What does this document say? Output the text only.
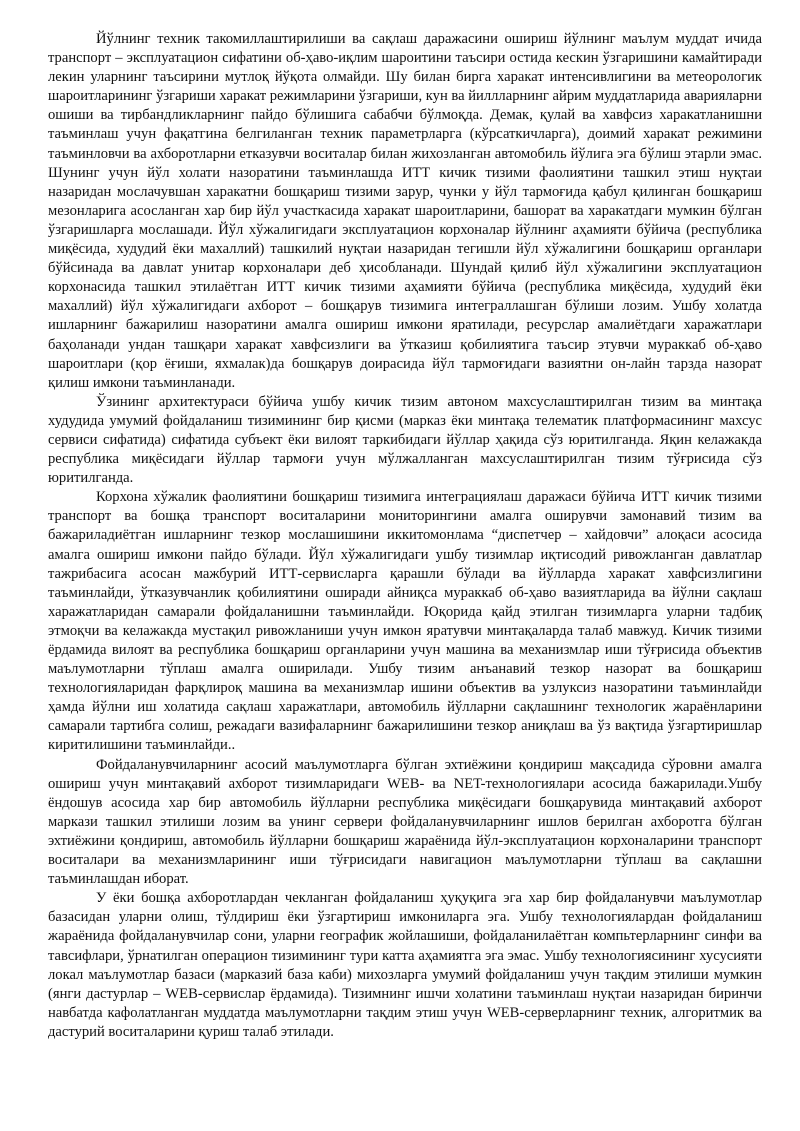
Йўлнинг техник такомиллаштирилиши ва сақлаш даражасини ошириш йўлнинг маълум муддат ичида транспорт – эксплуатацион сифатини об-ҳаво-иқлим шароитини таъсири остида кескин ўзгаришини камайтиради лекин уларнинг таъсирини мутлоқ йўқота олмайди. Шу билан бирга харакат интенсивлигини ва метеорологик шароитларининг ўзгариши харакат режимларини ўзгариши, кун ва йиллларнинг айрим муддатларида аварияларни ошиши ва тирбандликларнинг пайдо бўлишига сабабчи бўлмоқда. Демак, қулай ва хавфсиз харакатланишни таъминлаш учун фақатгина белгиланган техник параметрларга (кўрсаткичларга), доимий харакат режимини таъминловчи ва ахборотларни етказувчи воситалар билан жихозланган автомобиль йўлига эга бўлиш этарли эмас. Шунинг учун йўл холати назоратини таъминлашда ИТТ кичик тизими фаолиятини ташкил этиш нуқтаи назаридан мослачувшан харакатни бошқариш тизими зарур, чунки у йўл тармоғида қабул қилинган бошқариш мезонларига асосланган хар бир йўл участкасида харакат шароитларини, башорат ва харакатдаги мумкин бўлган ўзгаришларга мослашади. Йўл хўжалигидаги эксплуатацион корхоналар йўлнинг аҳамияти бўйича (республика миқёсида, худудий ёки махаллий) ташкилий нуқтаи назаридан тегишли йўл хўжалигини бошқариш органлари бўйсинада ва давлат унитар корхоналари деб ҳисобланади. Шундай қилиб йўл хўжалигини эксплуатацион корхонасида ташкил этилаётган ИТТ кичик тизими аҳамияти бўйича (республика миқёсида, худудий ёки махаллий) йўл хўжалигидаги ахборот – бошқарув тизимига интеграллашган бўлиши лозим. Ушбу холатда ишларнинг бажарилиш назоратини амалга ошириш имкони яратилади, ресурслар амалиётдаги харажатлари баҳоланади ундан ташқари харакат хавфсизлиги ва ўтказиш қобилиятига таъсир этувчи мураккаб об-ҳаво шароитлари (қор ёғиши, яхмалак)да бошқарув доирасида йўл тармоғидаги вазиятни он-лайн тарзда назорат қилиш имкони таъминланади.

Ўзининг архитектураси бўйича ушбу кичик тизим автоном махсуслаштирилган тизим ва минтақа худудида умумий фойдаланиш тизимининг бир қисми (марказ ёки минтақа телематик платформасининг махсус сервиси сифатида) сифатида субъект ёки вилоят таркибидаги йўллар ҳақида сўз юритилганда. Яқин келажакда республика миқёсидаги йўллар тармоғи учун мўлжалланган махсуслаштирилган тизим тўғрисида сўз юритилганда.

Корхона хўжалик фаолиятини бошқариш тизимига интеграциялаш даражаси бўйича ИТТ кичик тизими транспорт ва бошқа транспорт воситаларини мониторингини амалга оширувчи замонавий тизим ва бажариладиётган ишларнинг тезкор мослашишини иккитомонлама “диспетчер – хайдовчи” алоқаси асосида амалга ошириш имкони пайдо бўлади. Йўл хўжалигидаги ушбу тизимлар иқтисодий ривожланган давлатлар тажрибасига асосан мажбурий ИТТ-сервисларга қарашли бўлади ва йўлларда харакат хавфсизлигини таъминлайди, ўтказувчанлик қобилиятини оширади айниқса мураккаб об-ҳаво вазиятларида ва йўлни сақлаш харажатларидан самарали фойдаланишни таъминлайди. Юқорида қайд этилган тизимларга уларни тадбиқ этмоқчи ва келажакда мустақил ривожланиши учун имкон яратувчи минтақаларда талаб мавжуд. Кичик тизими ёрдамида вилоят ва республика бошқариш органларини учун машина ва механизмлар иши тўғрисида объектив маълумотларни тўплаш амалга оширилади. Ушбу тизим анъанавий тезкор назорат ва бошқариш технологияларидан фарқлироқ машина ва механизмлар ишини объектив ва узлуксиз назоратини таъминлайди ҳамда йўлни иш холатида сақлаш харажатлари, автомобиль йўлларни сақлашнинг технологик жараёнларини самарали тартибга солиш, режадаги вазифаларнинг бажарилишини тезкор аниқлаш ва ўз вақтида ўзгартиришлар киритилишини таъминлайди..

Фойдаланувчиларнинг асосий маълумотларга бўлган эхтиёжини қондириш мақсадида сўровни амалга ошириш учун минтақавий ахборот тизимларидаги WEB- ва NET-технологиялари асосида бажарилади.Ушбу ёндошув асосида хар бир автомобиль йўлларни республика миқёсидаги бошқарувида минтақавий ахборот маркази ташкил этилиши лозим ва унинг сервери фойдаланувчиларнинг ишлов берилган ахборотга бўлган эхтиёжини қондириш, автомобиль йўлларни бошқариш жараёнида йўл-эксплуатацион корхоналарини транспорт воситалари ва механизмларининг иши тўғрисидаги навигацион маълумотларни тўплаш ва сақлашни таъминлашдан иборат.

У ёки бошқа ахборотлардан чекланган фойдаланиш ҳуқуқига эга хар бир фойдаланувчи маълумотлар базасидан уларни олиш, тўлдириш ёки ўзгартириш имкониларга эга. Ушбу технологиялардан фойдаланиш жараёнида фойдаланувчилар сони, уларни географик жойлашиши, фойдаланилаётган компьтерларнинг синфи ва тавсифлари, ўрнатилган операцион тизимининг тури катта аҳамиятга эга эмас. Ушбу технологиясининг хусусияти локал маълумотлар базаси (марказий база каби) михозларга умумий фойдаланиш учун тақдим этилиши мумкин (янги дастурлар – WEB-сервислар ёрдамида). Тизимнинг ишчи холатини таъминлаш нуқтаи назаридан биринчи навбатда кафолатланган муддатда маълумотларни тақдим этиш учун WEB-серверларнинг техник, алгоритмик ва дастурий воситаларини қуриш талаб этилади.
